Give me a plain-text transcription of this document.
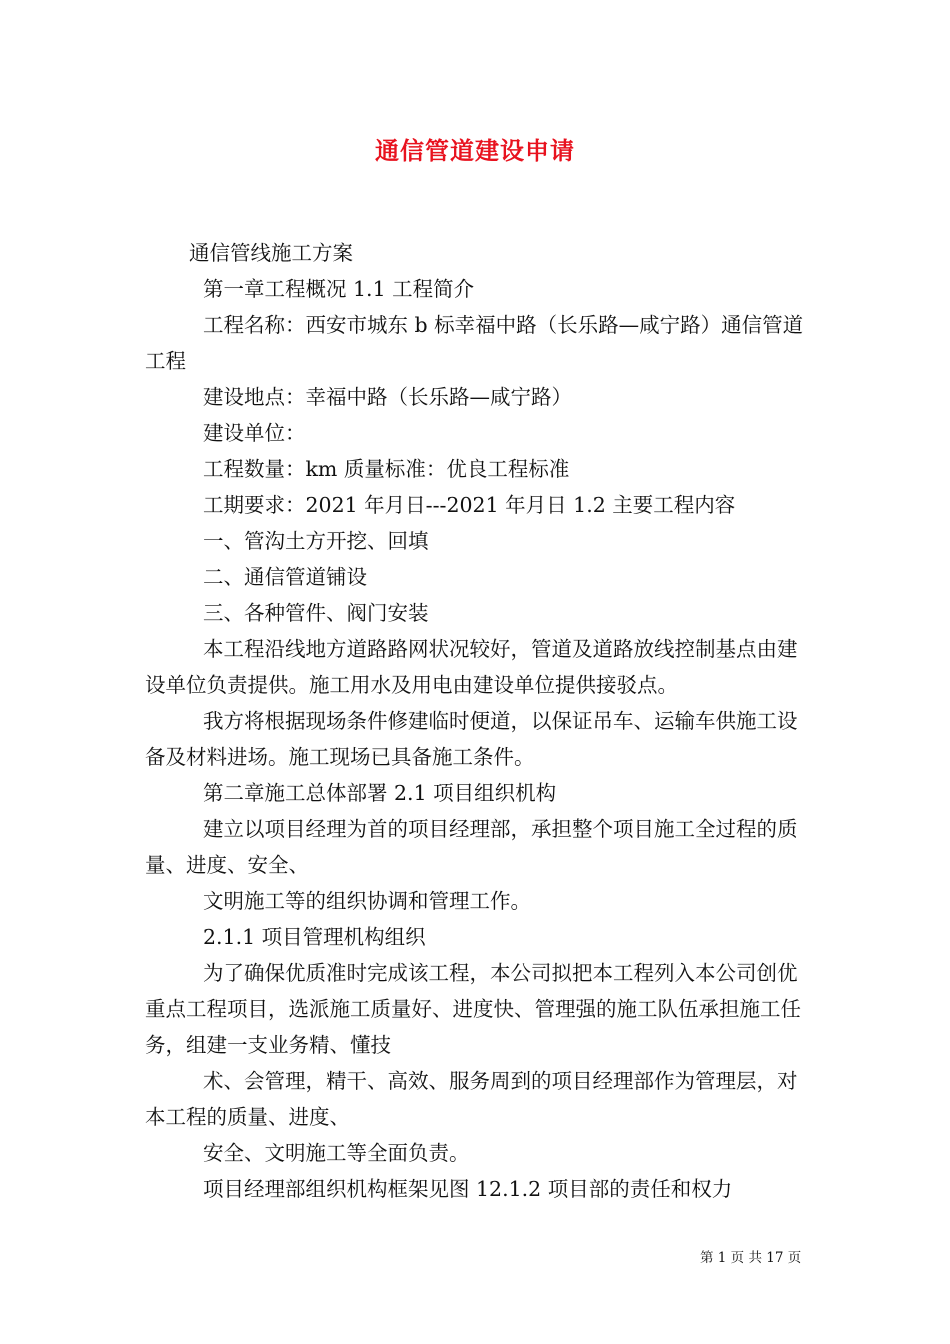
通信管道建设申请

通信管线施工方案

第一章工程概况 1.1 工程简介

工程名称：西安市城东 b 标幸福中路（长乐路—咸宁路）通信管道工程

建设地点：幸福中路（长乐路—咸宁路）

建设单位：

工程数量：km 质量标准：优良工程标准

工期要求：2021 年月日---2021 年月日 1.2 主要工程内容

一、管沟土方开挖、回填

二、通信管道铺设

三、各种管件、阀门安装

本工程沿线地方道路路网状况较好，管道及道路放线控制基点由建设单位负责提供。施工用水及用电由建设单位提供接驳点。

我方将根据现场条件修建临时便道，以保证吊车、运输车供施工设备及材料进场。施工现场已具备施工条件。

第二章施工总体部署 2.1 项目组织机构

建立以项目经理为首的项目经理部，承担整个项目施工全过程的质量、进度、安全、

文明施工等的组织协调和管理工作。

2.1.1 项目管理机构组织

为了确保优质准时完成该工程，本公司拟把本工程列入本公司创优重点工程项目，选派施工质量好、进度快、管理强的施工队伍承担施工任务，组建一支业务精、懂技

术、会管理，精干、高效、服务周到的项目经理部作为管理层，对本工程的质量、进度、

安全、文明施工等全面负责。

项目经理部组织机构框架见图 12.1.2 项目部的责任和权力

第 1 页 共 17 页
